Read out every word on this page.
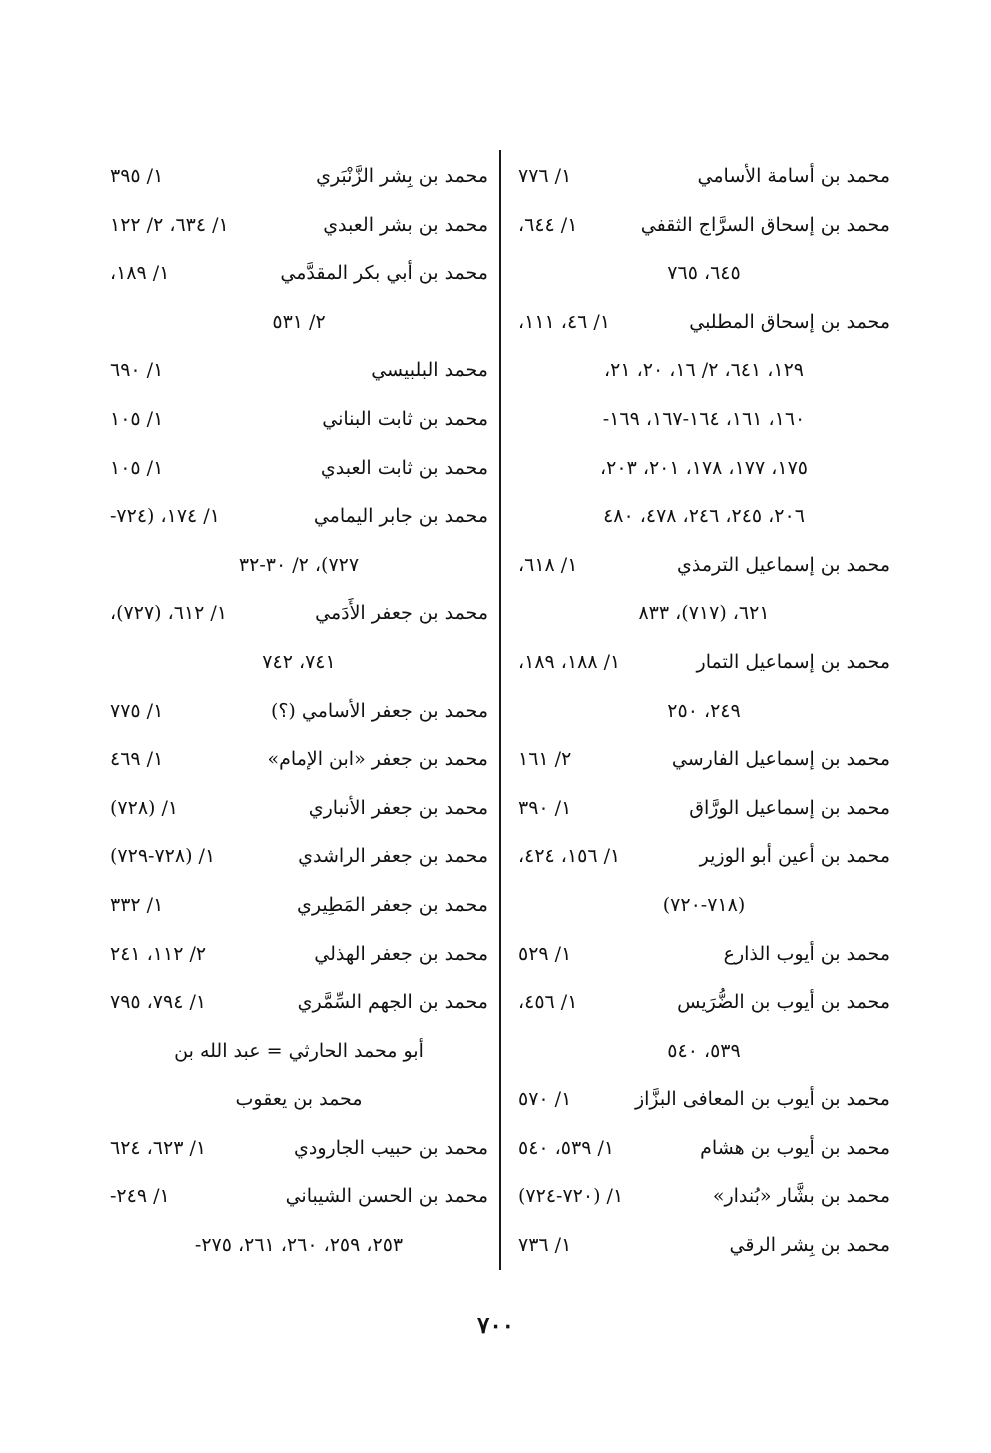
محمد بن أسامة الأسامي
١/ ٧٧٦
محمد بن إسحاق السرَّاج الثقفي
١/ ٦٤٤،
٦٤٥، ٧٦٥
محمد بن إسحاق المطلبي
١/ ٤٦، ١١١،
١٢٩، ٦٤١، ٢/ ١٦، ٢٠، ٢١،
١٦٠، ١٦١، ١٦٤-١٦٧، ١٦٩-
١٧٥، ١٧٧، ١٧٨، ٢٠١، ٢٠٣،
٢٠٦، ٢٤٥، ٢٤٦، ٤٧٨، ٤٨٠
محمد بن إسماعيل الترمذي
١/ ٦١٨،
٦٢١، (٧١٧)، ٨٣٣
محمد بن إسماعيل التمار
١/ ١٨٨، ١٨٩،
٢٤٩، ٢٥٠
محمد بن إسماعيل الفارسي
٢/ ١٦١
محمد بن إسماعيل الورَّاق
١/ ٣٩٠
محمد بن أعين أبو الوزير
١/ ١٥٦، ٤٢٤،
(٧١٨-٧٢٠)
محمد بن أيوب الذارع
١/ ٥٢٩
محمد بن أيوب بن الضُّرَيس
١/ ٤٥٦،
٥٣٩، ٥٤٠
محمد بن أيوب بن المعافى البزَّاز
١/ ٥٧٠
محمد بن أيوب بن هشام
١/ ٥٣٩، ٥٤٠
محمد بن بشَّار «بُندار»
١/ (٧٢٠-٧٢٤)
محمد بن بِشر الرقي
١/ ٧٣٦
محمد بن بِشر الزَّنْبَري
١/ ٣٩٥
محمد بن بشر العبدي
١/ ٦٣٤، ٢/ ١٢٢
محمد بن أبي بكر المقدَّمي
١/ ١٨٩،
٢/ ٥٣١
محمد البلبيسي
١/ ٦٩٠
محمد بن ثابت البناني
١/ ١٠٥
محمد بن ثابت العبدي
١/ ١٠٥
محمد بن جابر اليمامي
١/ ١٧٤، (٧٢٤-
٧٢٧)، ٢/ ٣٠-٣٢
محمد بن جعفر الأَدَمي
١/ ٦١٢، (٧٢٧)،
٧٤١، ٧٤٢
محمد بن جعفر الأسامي (؟)
١/ ٧٧٥
محمد بن جعفر «ابن الإمام»
١/ ٤٦٩
محمد بن جعفر الأنباري
١/ (٧٢٨)
محمد بن جعفر الراشدي
١/ (٧٢٨-٧٢٩)
محمد بن جعفر المَطِيري
١/ ٣٣٢
محمد بن جعفر الهذلي
٢/ ١١٢، ٢٤١
محمد بن الجهم السِّمَّري
١/ ٧٩٤، ٧٩٥
أبو محمد الحارثي = عبد الله بن
محمد بن يعقوب
محمد بن حبيب الجارودي
١/ ٦٢٣، ٦٢٤
محمد بن الحسن الشيباني
١/ ٢٤٩-
٢٥٣، ٢٥٩، ٢٦٠، ٢٦١، ٢٧٥-
٧٠٠
